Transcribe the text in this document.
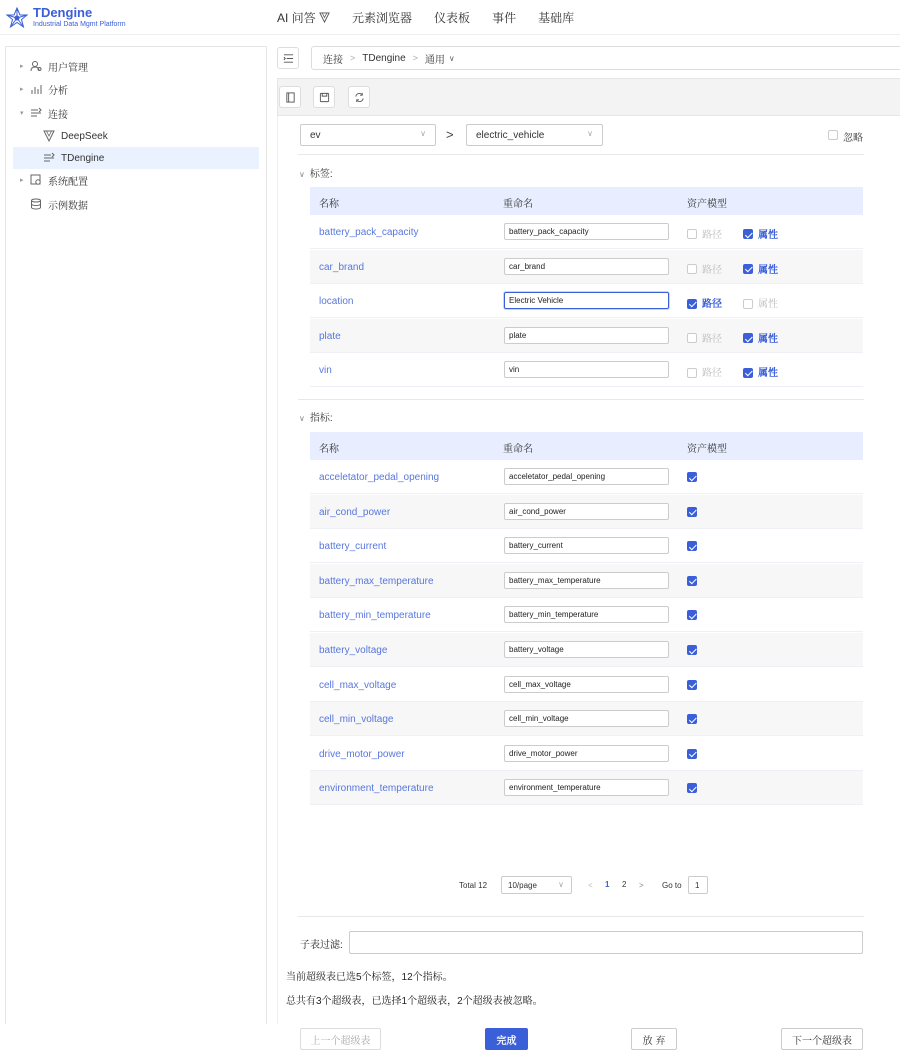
TDengine
Industrial Data Mgmt Platform	AI 问答	元素浏览器 仪表板 事件 基础库
▸ 用户管理
▸ 分析
▾ 连接
DeepSeek
TDengine
▸ 系统配置
示例数据
连接 > TDengine > 通用 ∨
ev	∨ > electric_vehicle	∨	忽略
∨ 标签:
名称	重命名	资产模型
battery_pack_capacity	battery_pack_capacity	路径	属性
car_brand	car_brand	路径	属性
location	Electric Vehicle	路径	属性
plate	plate	路径	属性
vin	vin	路径	属性
∨ 指标:
名称	重命名	资产模型
acceletator_pedal_opening	acceletator_pedal_opening
air_cond_power	air_cond_power
battery_current	battery_current
battery_max_temperature	battery_max_temperature
battery_min_temperature	battery_min_temperature
battery_voltage	battery_voltage
cell_max_voltage	cell_max_voltage
cell_min_voltage	cell_min_voltage
drive_motor_power	drive_motor_power
environment_temperature	environment_temperature
Total 12	10/page	∨	< 1 2 > Go to	1
子表过滤:
当前超级表已选5个标签，12个指标。
总共有3个超级表，已选择1个超级表，2个超级表被忽略。
上一个超级表	完成	放 弃	下一个超级表
